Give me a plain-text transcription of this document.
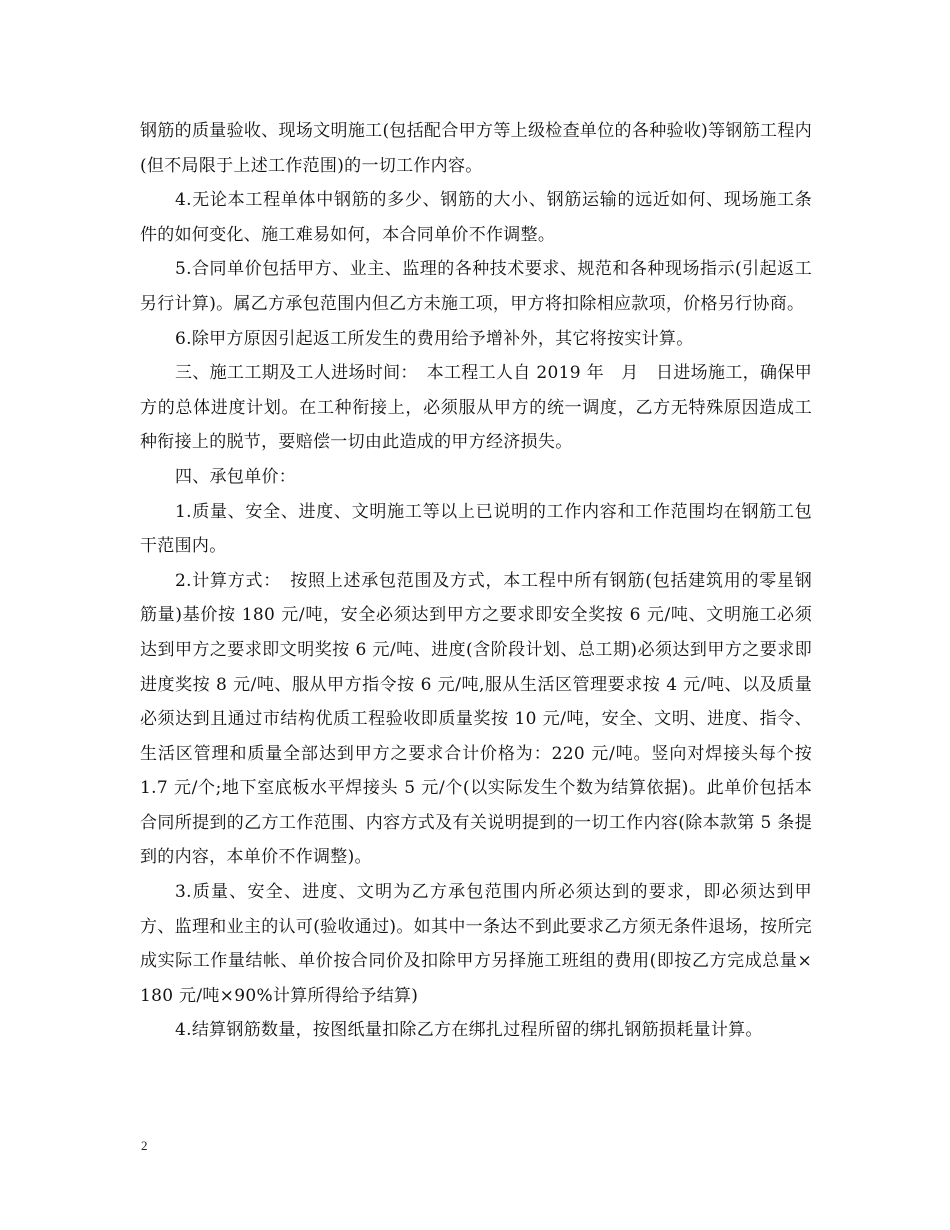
钢筋的质量验收、现场文明施工(包括配合甲方等上级检查单位的各种验收)等钢筋工程内(但不局限于上述工作范围)的一切工作内容。

4.无论本工程单体中钢筋的多少、钢筋的大小、钢筋运输的远近如何、现场施工条件的如何变化、施工难易如何，本合同单价不作调整。

5.合同单价包括甲方、业主、监理的各种技术要求、规范和各种现场指示(引起返工另行计算)。属乙方承包范围内但乙方未施工项，甲方将扣除相应款项，价格另行协商。

6.除甲方原因引起返工所发生的费用给予增补外，其它将按实计算。

三、施工工期及工人进场时间：　本工程工人自 2019 年　月　日进场施工，确保甲方的总体进度计划。在工种衔接上，必须服从甲方的统一调度，乙方无特殊原因造成工种衔接上的脱节，要赔偿一切由此造成的甲方经济损失。

四、承包单价：

1.质量、安全、进度、文明施工等以上已说明的工作内容和工作范围均在钢筋工包干范围内。

2.计算方式：　按照上述承包范围及方式，本工程中所有钢筋(包括建筑用的零星钢筋量)基价按 180 元/吨，安全必须达到甲方之要求即安全奖按 6 元/吨、文明施工必须达到甲方之要求即文明奖按 6 元/吨、进度(含阶段计划、总工期)必须达到甲方之要求即进度奖按 8 元/吨、服从甲方指令按 6 元/吨,服从生活区管理要求按 4 元/吨、以及质量必须达到且通过市结构优质工程验收即质量奖按 10 元/吨，安全、文明、进度、指令、生活区管理和质量全部达到甲方之要求合计价格为：220 元/吨。竖向对焊接头每个按 1.7 元/个;地下室底板水平焊接头 5 元/个(以实际发生个数为结算依据)。此单价包括本合同所提到的乙方工作范围、内容方式及有关说明提到的一切工作内容(除本款第 5 条提到的内容，本单价不作调整)。

3.质量、安全、进度、文明为乙方承包范围内所必须达到的要求，即必须达到甲方、监理和业主的认可(验收通过)。如其中一条达不到此要求乙方须无条件退场，按所完成实际工作量结帐、单价按合同价及扣除甲方另择施工班组的费用(即按乙方完成总量×180 元/吨×90%计算所得给予结算)

4.结算钢筋数量，按图纸量扣除乙方在绑扎过程所留的绑扎钢筋损耗量计算。

2
